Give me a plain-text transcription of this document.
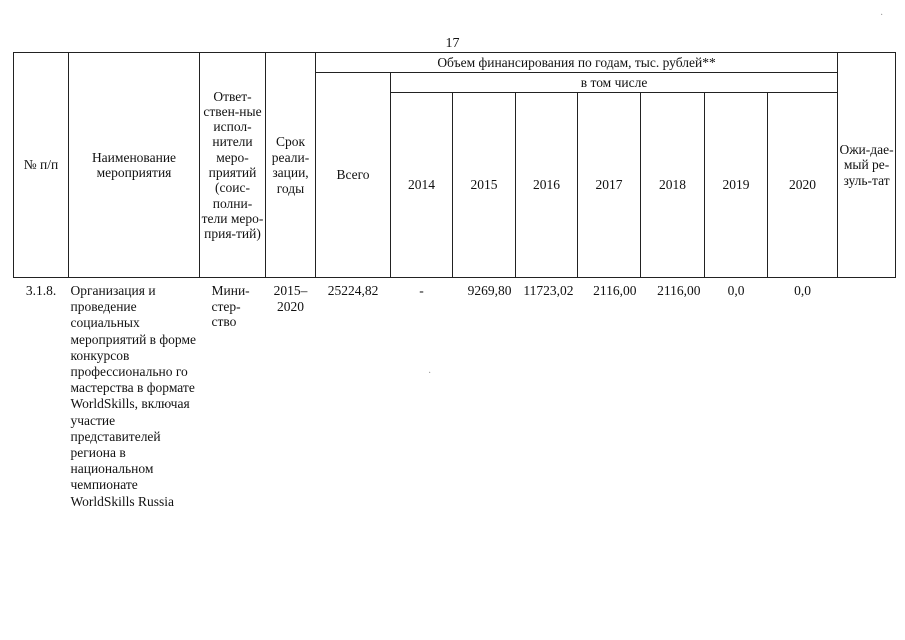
17
№ п/п	Наименование мероприятия	Ответ-ствен-ные испол-нители меро-приятий (соис-полни-тели меро-прия-тий)	Срок реали-зации, годы	Объем финансирования по годам, тыс. рублей**								Ожи-дае-мый ре-зуль-тат
				Всего	в том числе							
					2014	2015	2016	2017	2018	2019	2020	
3.1.8.	Организация и проведение социальных мероприятий в форме конкурсов профессионально го мастерства в формате WorldSkills, включая участие представителей региона в национальном чемпионате WorldSkills Russia	Мини-стер-ство	2015–2020	25224,82	-	9269,80	11723,02	2116,00	2116,00	0,0	0,0	
·
·
